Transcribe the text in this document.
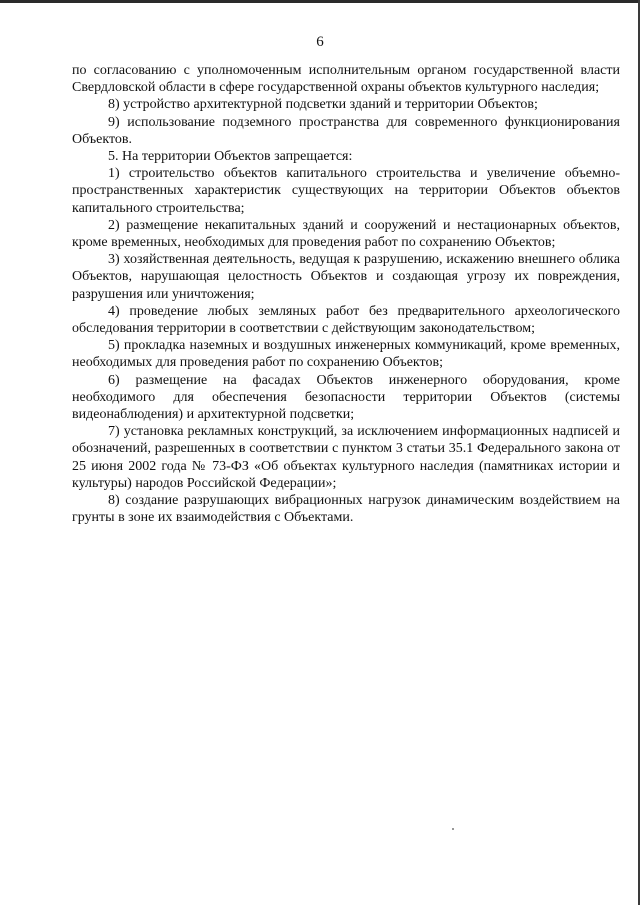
6

по согласованию с уполномоченным исполнительным органом государственной власти Свердловской области в сфере государственной охраны объектов культурного наследия;

8) устройство архитектурной подсветки зданий и территории Объектов;

9) использование подземного пространства для современного функционирования Объектов.

5. На территории Объектов запрещается:

1) строительство объектов капитального строительства и увеличение объемно-пространственных характеристик существующих на территории Объектов объектов капитального строительства;

2) размещение некапитальных зданий и сооружений и нестационарных объектов, кроме временных, необходимых для проведения работ по сохранению Объектов;

3) хозяйственная деятельность, ведущая к разрушению, искажению внешнего облика Объектов, нарушающая целостность Объектов и создающая угрозу их повреждения, разрушения или уничтожения;

4) проведение любых земляных работ без предварительного археологического обследования территории в соответствии с действующим законодательством;

5) прокладка наземных и воздушных инженерных коммуникаций, кроме временных, необходимых для проведения работ по сохранению Объектов;

6) размещение на фасадах Объектов инженерного оборудования, кроме необходимого для обеспечения безопасности территории Объектов (системы видеонаблюдения) и архитектурной подсветки;

7) установка рекламных конструкций, за исключением информационных надписей и обозначений, разрешенных в соответствии с пунктом 3 статьи 35.1 Федерального закона от 25 июня 2002 года № 73-ФЗ «Об объектах культурного наследия (памятниках истории и культуры) народов Российской Федерации»;

8) создание разрушающих вибрационных нагрузок динамическим воздействием на грунты в зоне их взаимодействия с Объектами.
